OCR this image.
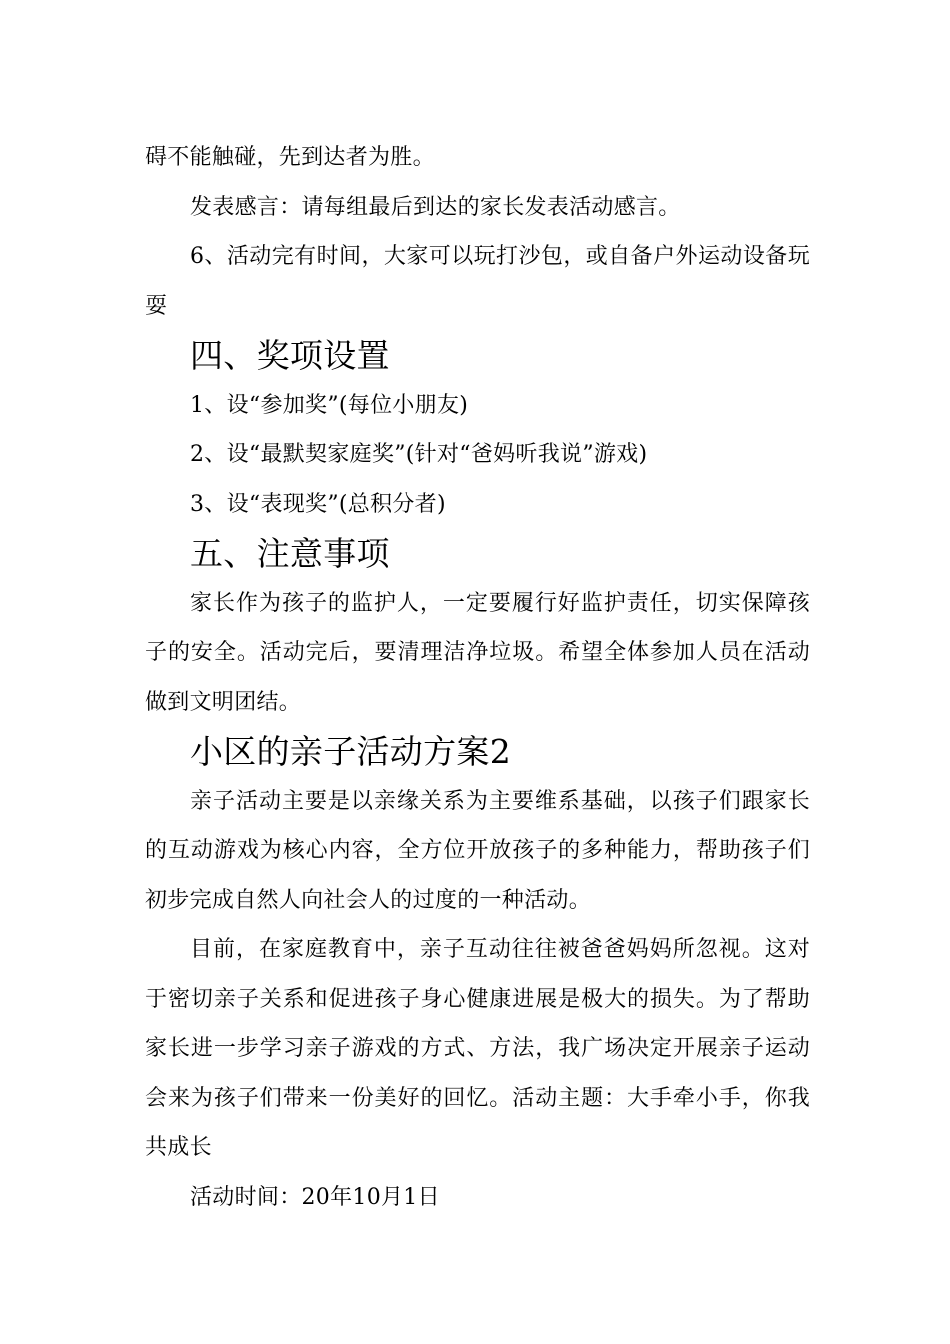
碍不能触碰，先到达者为胜。

发表感言：请每组最后到达的家长发表活动感言。

6、活动完有时间，大家可以玩打沙包，或自备户外运动设备玩耍

四、奖项设置

1、设“参加奖”(每位小朋友)

2、设“最默契家庭奖”(针对“爸妈听我说”游戏)

3、设“表现奖”(总积分者)

五、注意事项

家长作为孩子的监护人，一定要履行好监护责任，切实保障孩子的安全。活动完后，要清理洁净垃圾。希望全体参加人员在活动做到文明团结。

小区的亲子活动方案2

亲子活动主要是以亲缘关系为主要维系基础，以孩子们跟家长的互动游戏为核心内容，全方位开放孩子的多种能力，帮助孩子们初步完成自然人向社会人的过度的一种活动。

目前，在家庭教育中，亲子互动往往被爸爸妈妈所忽视。这对于密切亲子关系和促进孩子身心健康进展是极大的损失。为了帮助家长进一步学习亲子游戏的方式、方法，我广场决定开展亲子运动会来为孩子们带来一份美好的回忆。活动主题：大手牵小手，你我共成长

活动时间：20年10月1日
